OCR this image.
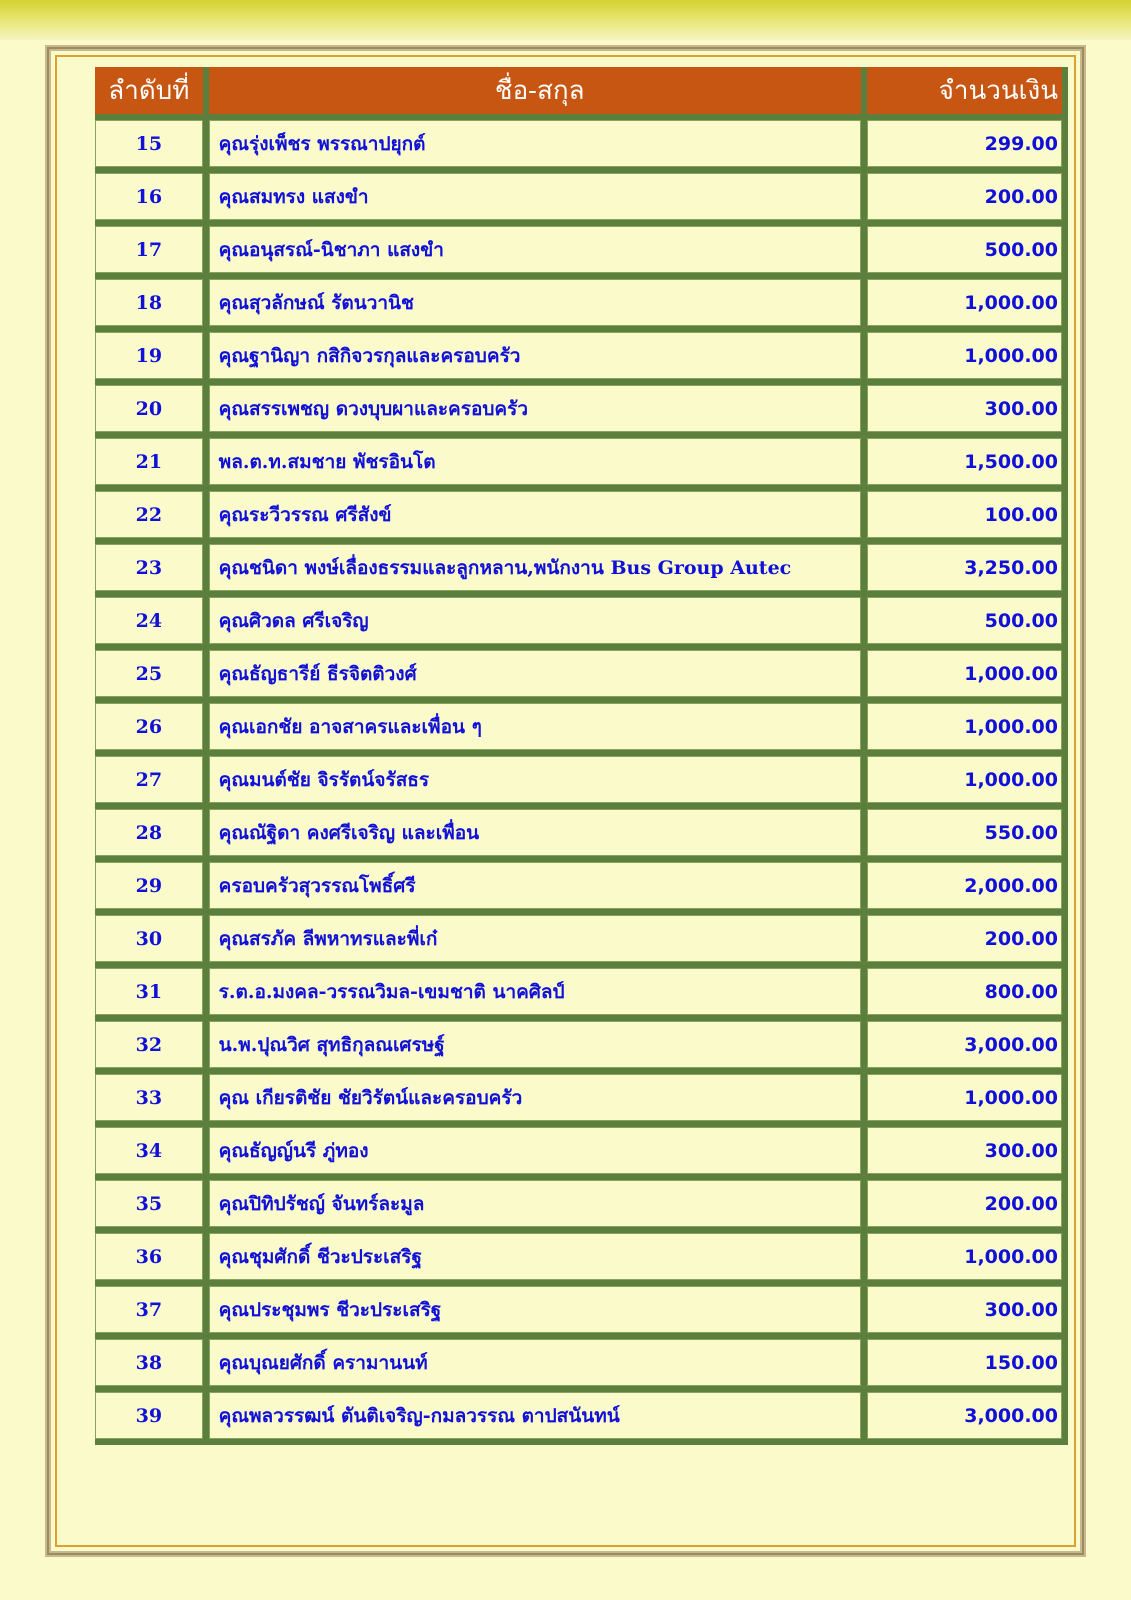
ลำดับที่	ชื่อ-สกุล	จำนวนเงิน
15	คุณรุ่งเพ็ชร พรรณาปยุกต์	299.00
16	คุณสมทรง แสงขำ	200.00
17	คุณอนุสรณ์-นิชาภา แสงขำ	500.00
18	คุณสุวลักษณ์ รัตนวานิช	1,000.00
19	คุณฐานิญา กสิกิจวรกุลและครอบครัว	1,000.00
20	คุณสรรเพชญ ดวงบุบผาและครอบครัว	300.00
21	พล.ต.ท.สมชาย พัชรอินโต	1,500.00
22	คุณระวีวรรณ ศรีสังข์	100.00
23	คุณชนิดา พงษ์เลื่องธรรมและลูกหลาน,พนักงาน Bus Group Autec	3,250.00
24	คุณศิวดล ศรีเจริญ	500.00
25	คุณธัญธารีย์ ธีรจิตติวงศ์	1,000.00
26	คุณเอกชัย อาจสาครและเพื่อน ๆ	1,000.00
27	คุณมนต์ชัย จิรรัตน์จรัสธร	1,000.00
28	คุณณัฐิดา คงศรีเจริญ และเพื่อน	550.00
29	ครอบครัวสุวรรณโพธิ์ศรี	2,000.00
30	คุณสรภัค ลีพหาทรและพี่เก๋	200.00
31	ร.ต.อ.มงคล-วรรณวิมล-เขมชาติ นาคศิลป์	800.00
32	น.พ.ปุณวิศ สุทธิกุลณเศรษฐ์	3,000.00
33	คุณ เกียรติชัย ชัยวิรัตน์และครอบครัว	1,000.00
34	คุณธัญญ์นรี ภู่ทอง	300.00
35	คุณปิทิปรัชญ์ จันทร์ละมูล	200.00
36	คุณชุมศักดิ์ ชีวะประเสริฐ	1,000.00
37	คุณประชุมพร ชีวะประเสริฐ	300.00
38	คุณบุณยศักดิ์ ครามานนท์	150.00
39	คุณพลวรรฒน์ ตันติเจริญ-กมลวรรณ ตาปสนันทน์	3,000.00
